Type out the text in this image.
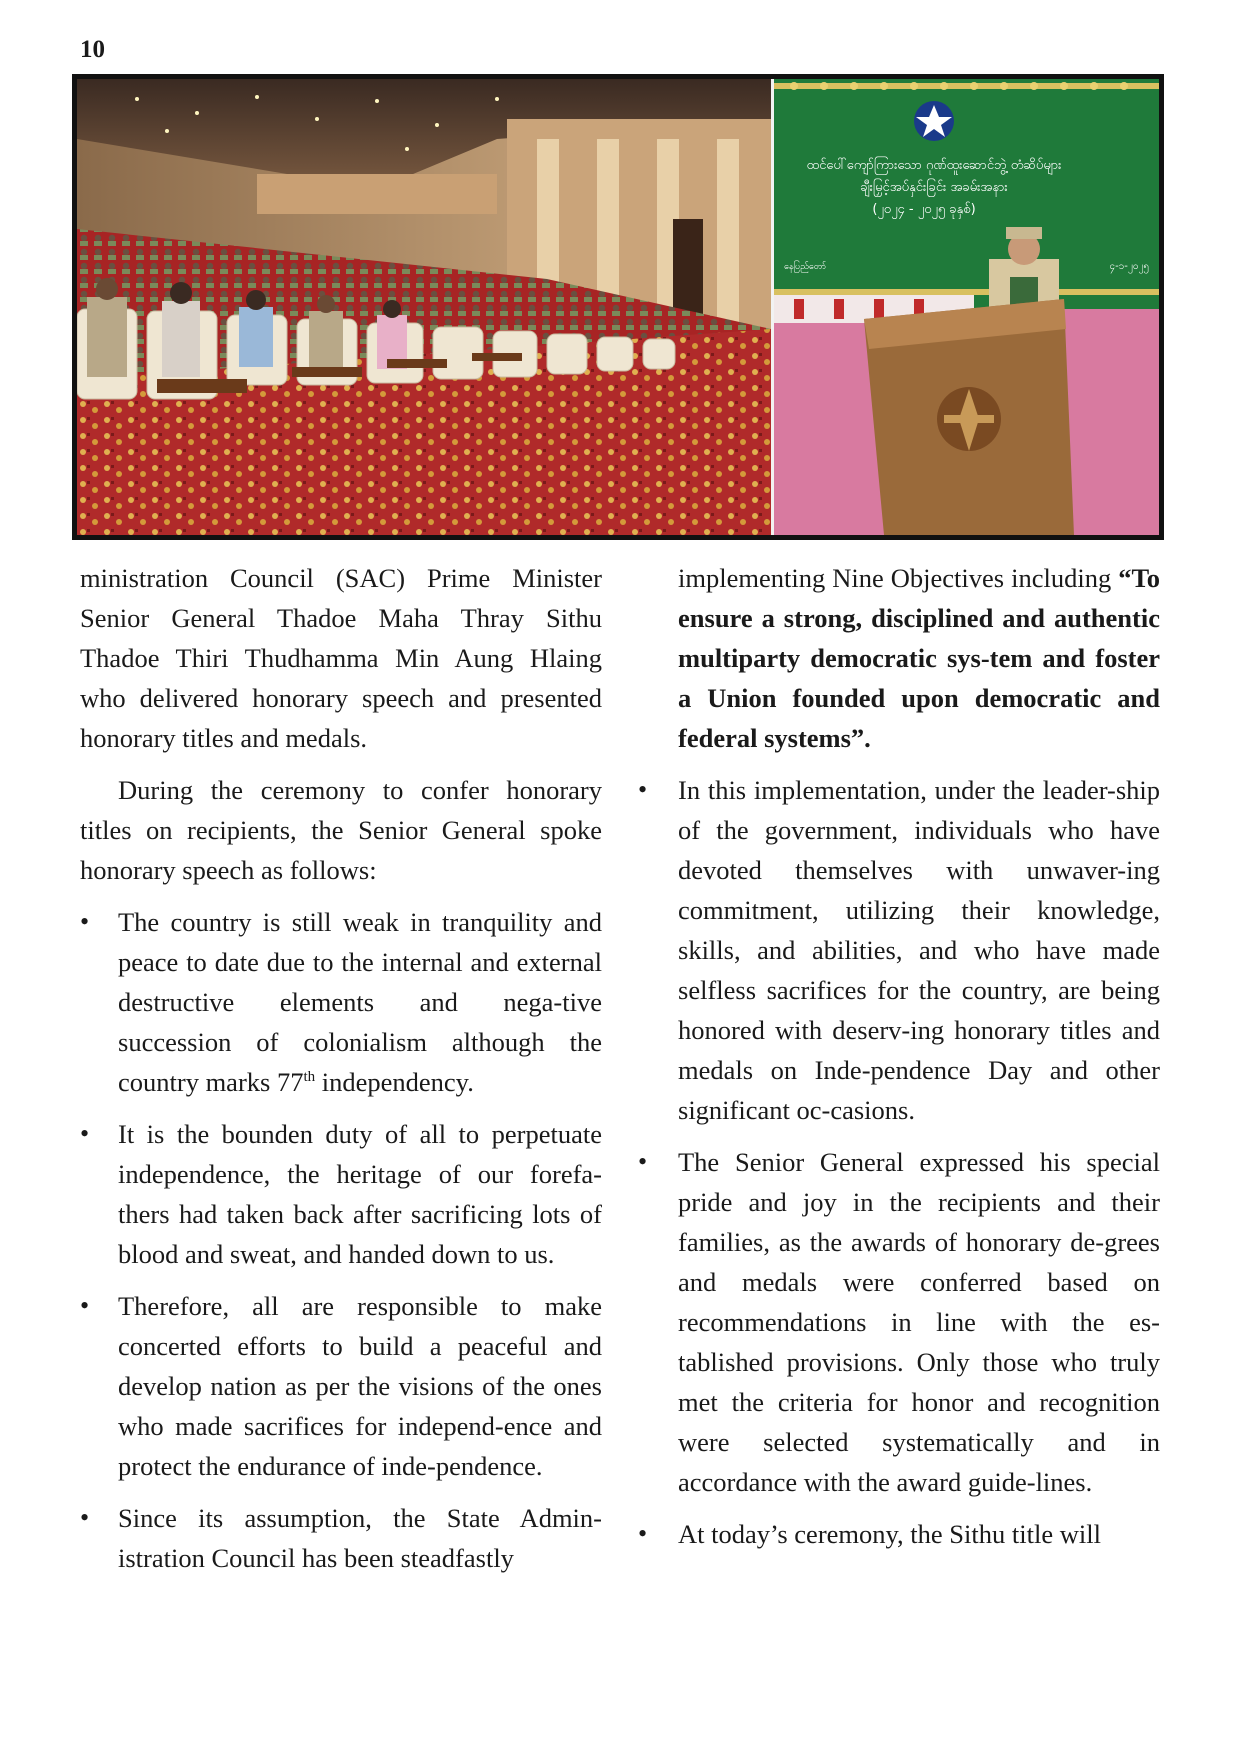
10
ထင်ပေါ်ကျော်ကြားသော ဂုဏ်ထူးဆောင်ဘွဲ့ တံဆိပ်များ
ချီးမြှင့်အပ်နှင်းခြင်း အခမ်းအနား
(၂၀၂၄ - ၂၀၂၅ ခုနှစ်)
နေပြည်တော်	၄-၁-၂၀၂၅

ministration Council (SAC) Prime Minister Senior General Thadoe Maha Thray Sithu Thadoe Thiri Thudhamma Min Aung Hlaing who delivered honorary speech and presented honorary titles and medals.

During the ceremony to confer honorary titles on recipients, the Senior General spoke honorary speech as follows:

• The country is still weak in tranquility and peace to date due to the internal and external destructive elements and nega-tive succession of colonialism although the country marks 77th independency.
• It is the bounden duty of all to perpetuate independence, the heritage of our forefa-thers had taken back after sacrificing lots of blood and sweat, and handed down to us.
• Therefore, all are responsible to make concerted efforts to build a peaceful and develop nation as per the visions of the ones who made sacrifices for independ-ence and protect the endurance of inde-pendence.
• Since its assumption, the State Admin-istration Council has been steadfastly

implementing Nine Objectives including “To ensure a strong, disciplined and authentic multiparty democratic sys-tem and foster a Union founded upon democratic and federal systems”.

• In this implementation, under the leader-ship of the government, individuals who have devoted themselves with unwaver-ing commitment, utilizing their knowledge, skills, and abilities, and who have made selfless sacrifices for the country, are being honored with deserv-ing honorary titles and medals on Inde-pendence Day and other significant oc-casions.
• The Senior General expressed his special pride and joy in the recipients and their families, as the awards of honorary de-grees and medals were conferred based on recommendations in line with the es-tablished provisions. Only those who truly met the criteria for honor and recognition were selected systematically and in accordance with the award guide-lines.
• At today’s ceremony, the Sithu title will
